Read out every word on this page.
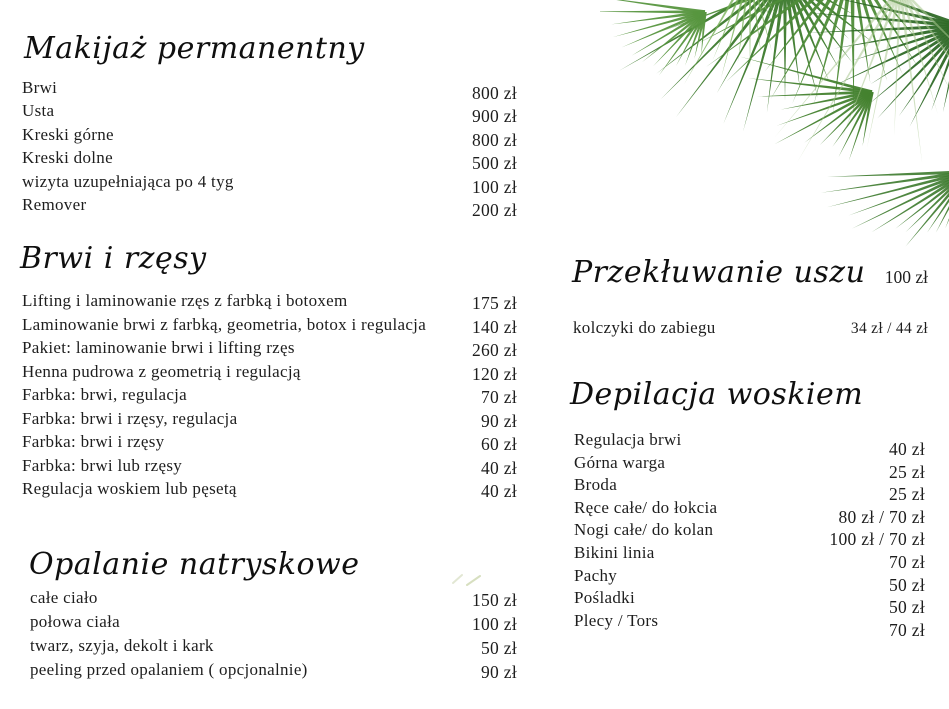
Makijaż permanentny
Brwi	800 zł
Usta	900 zł
Kreski górne	800 zł
Kreski dolne	500 zł
wizyta uzupełniająca po 4 tyg	100 zł
Remover	200 zł
Brwi i rzęsy
Lifting i laminowanie rzęs z farbką i botoxem	175 zł
Laminowanie brwi z farbką, geometria, botox i regulacja	140 zł
Pakiet: laminowanie brwi i lifting rzęs	260 zł
Henna pudrowa z geometrią i regulacją	120 zł
Farbka: brwi, regulacja	70 zł
Farbka: brwi i rzęsy, regulacja	90 zł
Farbka: brwi i rzęsy	60 zł
Farbka: brwi lub rzęsy	40 zł
Regulacja woskiem lub pęsetą	40 zł
Opalanie natryskowe
całe ciało	150 zł
połowa ciała	100 zł
twarz, szyja, dekolt i kark	50 zł
peeling przed opalaniem ( opcjonalnie)	90 zł
Przekłuwanie uszu 100 zł
kolczyki do zabiegu	34 zł / 44 zł
Depilacja woskiem
Regulacja brwi	40 zł
Górna warga	25 zł
Broda	25 zł
Ręce całe/ do łokcia	80 zł / 70 zł
Nogi całe/ do kolan	100 zł / 70 zł
Bikini linia	70 zł
Pachy	50 zł
Pośladki	50 zł
Plecy / Tors	70 zł
